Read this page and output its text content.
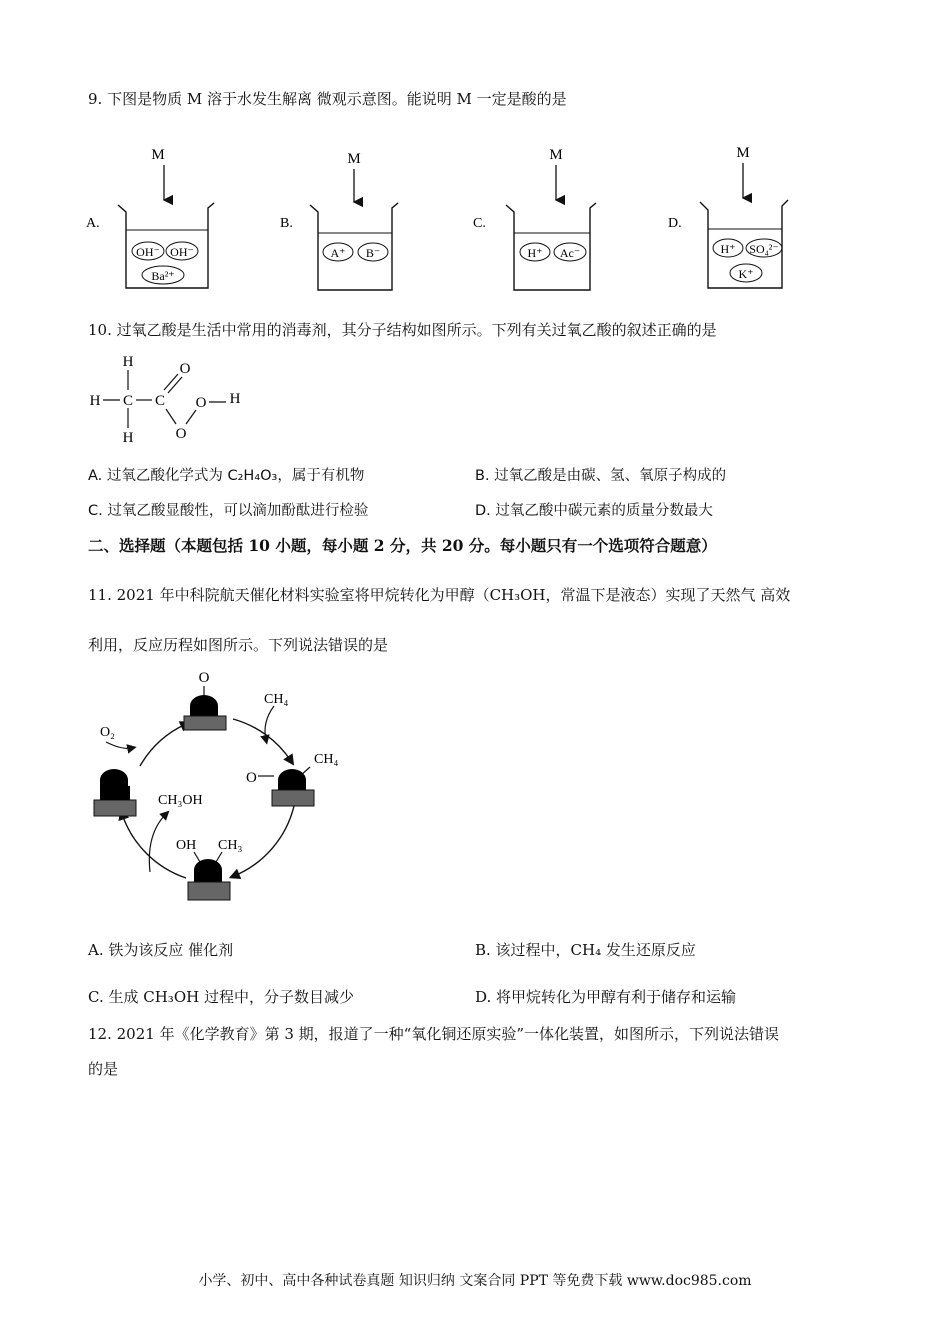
9. 下图是物质 M 溶于水发生解离 微观示意图。能说明 M 一定是酸的是
A.
M
OH⁻ OH⁻
Ba²⁺
B.
M
A⁺ B⁻
C.
M
H⁺ Ac⁻
D.
M
H⁺ SO₄²⁻
K⁺
10. 过氧乙酸是生活中常用的消毒剂，其分子结构如图所示。下列有关过氧乙酸的叙述正确的是
H
H C
H
C
O
O
O H
A. 过氧乙酸化学式为 C₂H₄O₃，属于有机物	B. 过氧乙酸是由碳、氢、氧原子构成的
C. 过氧乙酸显酸性，可以滴加酚酞进行检验	D. 过氧乙酸中碳元素的质量分数最大
二、选择题（本题包括 10 小题，每小题 2 分，共 20 分。每小题只有一个选项符合题意）
11. 2021 年中科院航天催化材料实验室将甲烷转化为甲醇（CH₃OH，常温下是液态）实现了天然气 高效
利用，反应历程如图所示。下列说法错误的是
O
CH₄
O₂
O
CH₄
CH₃OH
OH CH₃
A. 铁为该反应 催化剂	B. 该过程中，CH₄ 发生还原反应
C. 生成 CH₃OH 过程中，分子数目减少	D. 将甲烷转化为甲醇有利于储存和运输
12. 2021 年《化学教育》第 3 期，报道了一种“氧化铜还原实验”一体化装置，如图所示，下列说法错误
的是
小学、初中、高中各种试卷真题 知识归纳 文案合同 PPT 等免费下载 www.doc985.com
